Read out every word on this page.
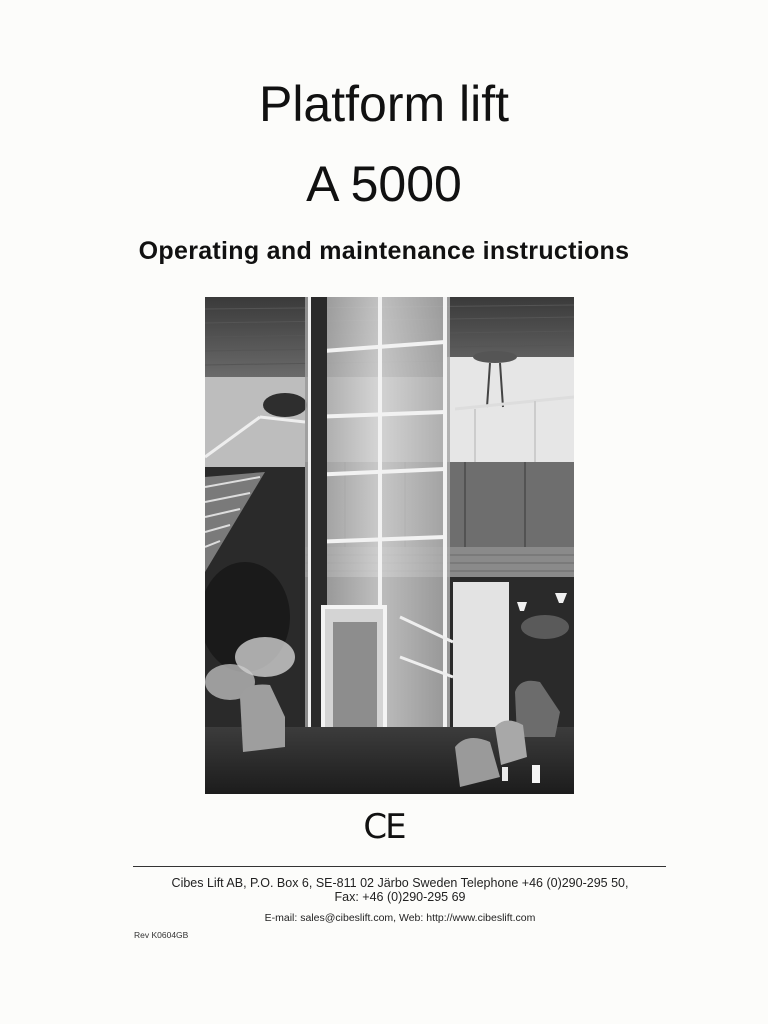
Platform lift
A 5000
Operating and maintenance instructions
CE
Cibes Lift AB, P.O. Box 6, SE-811 02 Järbo Sweden Telephone +46 (0)290-295 50,
Fax: +46 (0)290-295 69
E-mail: sales@cibeslift.com, Web: http://www.cibeslift.com
Rev K0604GB
